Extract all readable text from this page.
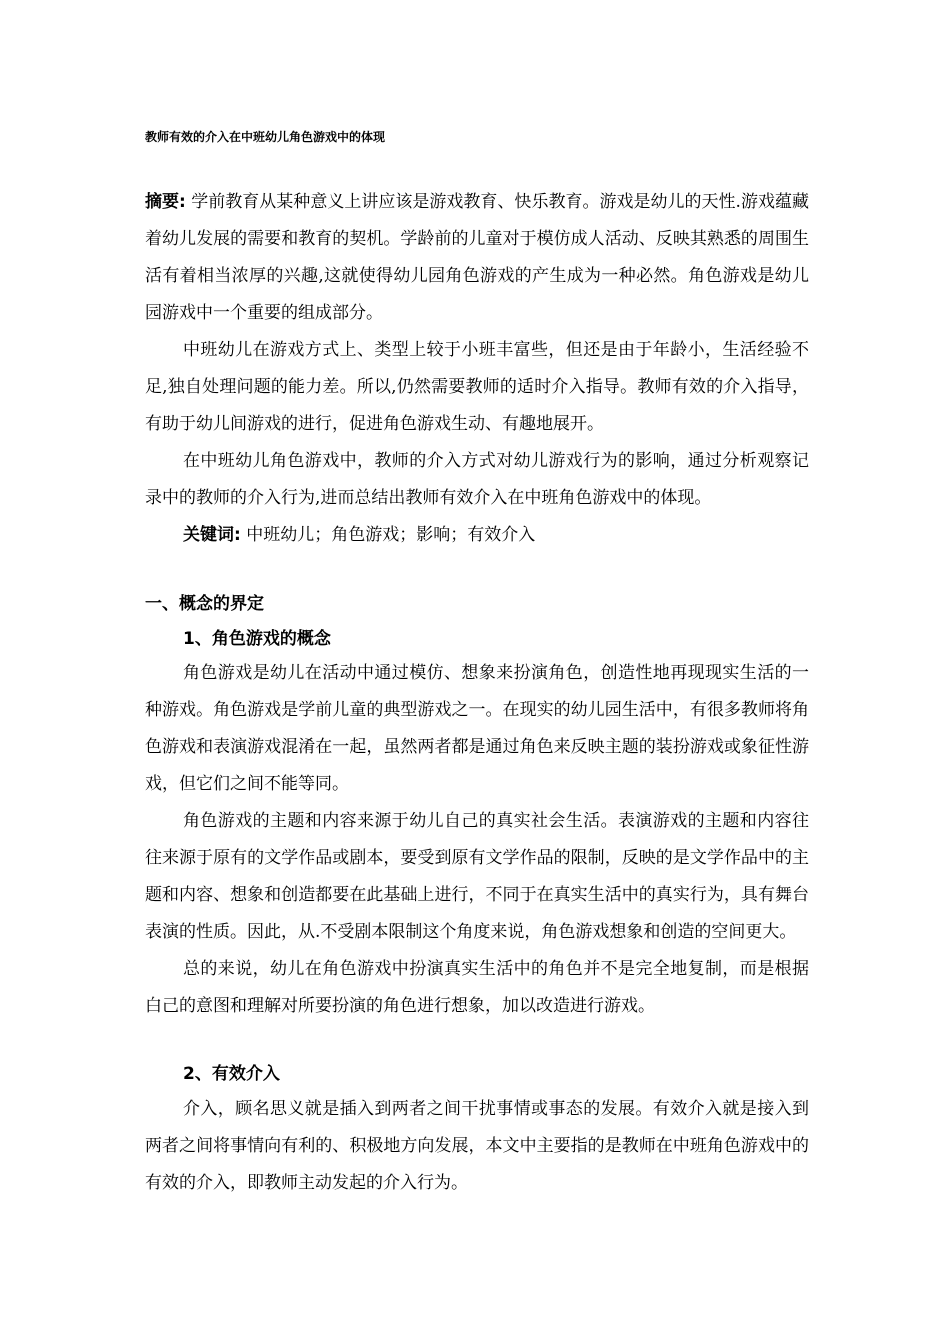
教师有效的介入在中班幼儿角色游戏中的体现

摘要: 学前教育从某种意义上讲应该是游戏教育、快乐教育。游戏是幼儿的天性.游戏蕴藏着幼儿发展的需要和教育的契机。学龄前的儿童对于模仿成人活动、反映其熟悉的周围生活有着相当浓厚的兴趣,这就使得幼儿园角色游戏的产生成为一种必然。角色游戏是幼儿园游戏中一个重要的组成部分。

中班幼儿在游戏方式上、类型上较于小班丰富些，但还是由于年龄小，生活经验不足,独自处理问题的能力差。所以,仍然需要教师的适时介入指导。教师有效的介入指导，有助于幼儿间游戏的进行，促进角色游戏生动、有趣地展开。

在中班幼儿角色游戏中，教师的介入方式对幼儿游戏行为的影响，通过分析观察记录中的教师的介入行为,进而总结出教师有效介入在中班角色游戏中的体现。

关键词: 中班幼儿；角色游戏；影响；有效介入

一、概念的界定
1、角色游戏的概念

角色游戏是幼儿在活动中通过模仿、想象来扮演角色，创造性地再现现实生活的一种游戏。角色游戏是学前儿童的典型游戏之一。在现实的幼儿园生活中，有很多教师将角色游戏和表演游戏混淆在一起，虽然两者都是通过角色来反映主题的装扮游戏或象征性游戏，但它们之间不能等同。

角色游戏的主题和内容来源于幼儿自己的真实社会生活。表演游戏的主题和内容往往来源于原有的文学作品或剧本，要受到原有文学作品的限制，反映的是文学作品中的主题和内容、想象和创造都要在此基础上进行，不同于在真实生活中的真实行为，具有舞台表演的性质。因此，从.不受剧本限制这个角度来说，角色游戏想象和创造的空间更大。

总的来说，幼儿在角色游戏中扮演真实生活中的角色并不是完全地复制，而是根据白己的意图和理解对所要扮演的角色进行想象，加以改造进行游戏。

2、有效介入

介入，顾名思义就是插入到两者之间干扰事情或事态的发展。有效介入就是接入到两者之间将事情向有利的、积极地方向发展，本文中主要指的是教师在中班角色游戏中的有效的介入，即教师主动发起的介入行为。
